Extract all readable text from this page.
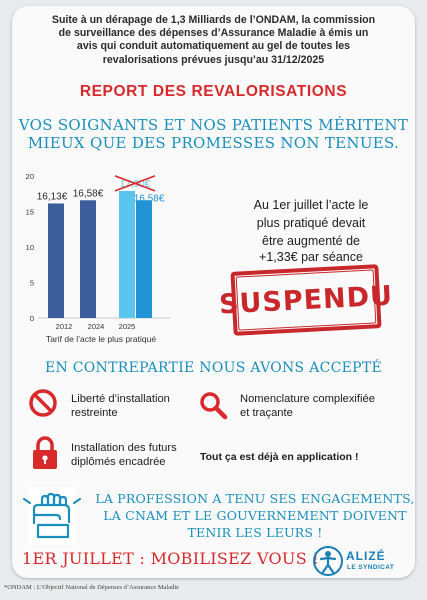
Suite à un dérapage de 1,3 Milliards de l’ONDAM, la commission
de surveillance des dépenses d’Assurance Maladie à émis un
avis qui conduit automatiquement au gel de toutes les
revalorisations prévues jusqu’au 31/12/2025
REPORT DES REVALORISATIONS
VOS SOIGNANTS ET NOS PATIENTS MÉRITENT
MIEUX QUE DES PROMESSES NON TENUES.
0
5
10
15
20
16,13€ 16,58€
17,90€
16,58€
2012 2024 2025
Tarif de l’acte le plus pratiqué
Au 1er juillet l’acte le
plus pratiqué devait
être augmenté de
+1,33€ par séance
SUSPENDU
EN CONTREPARTIE NOUS AVONS ACCEPTÉ
Liberté d’installation
restreinte
Nomenclature complexifiée
et traçante
Installation des futurs
diplômés encadrée	Tout ça est déjà en application !
LA PROFESSION A TENU SES ENGAGEMENTS,
LA CNAM ET LE GOUVERNEMENT DOIVENT
TENIR LES LEURS !
1ER JUILLET : MOBILISEZ VOUS ! ALIZÉ
LE SYNDICAT
*ONDAM : L’Objectif National de Dépenses d’Assurance Maladie
